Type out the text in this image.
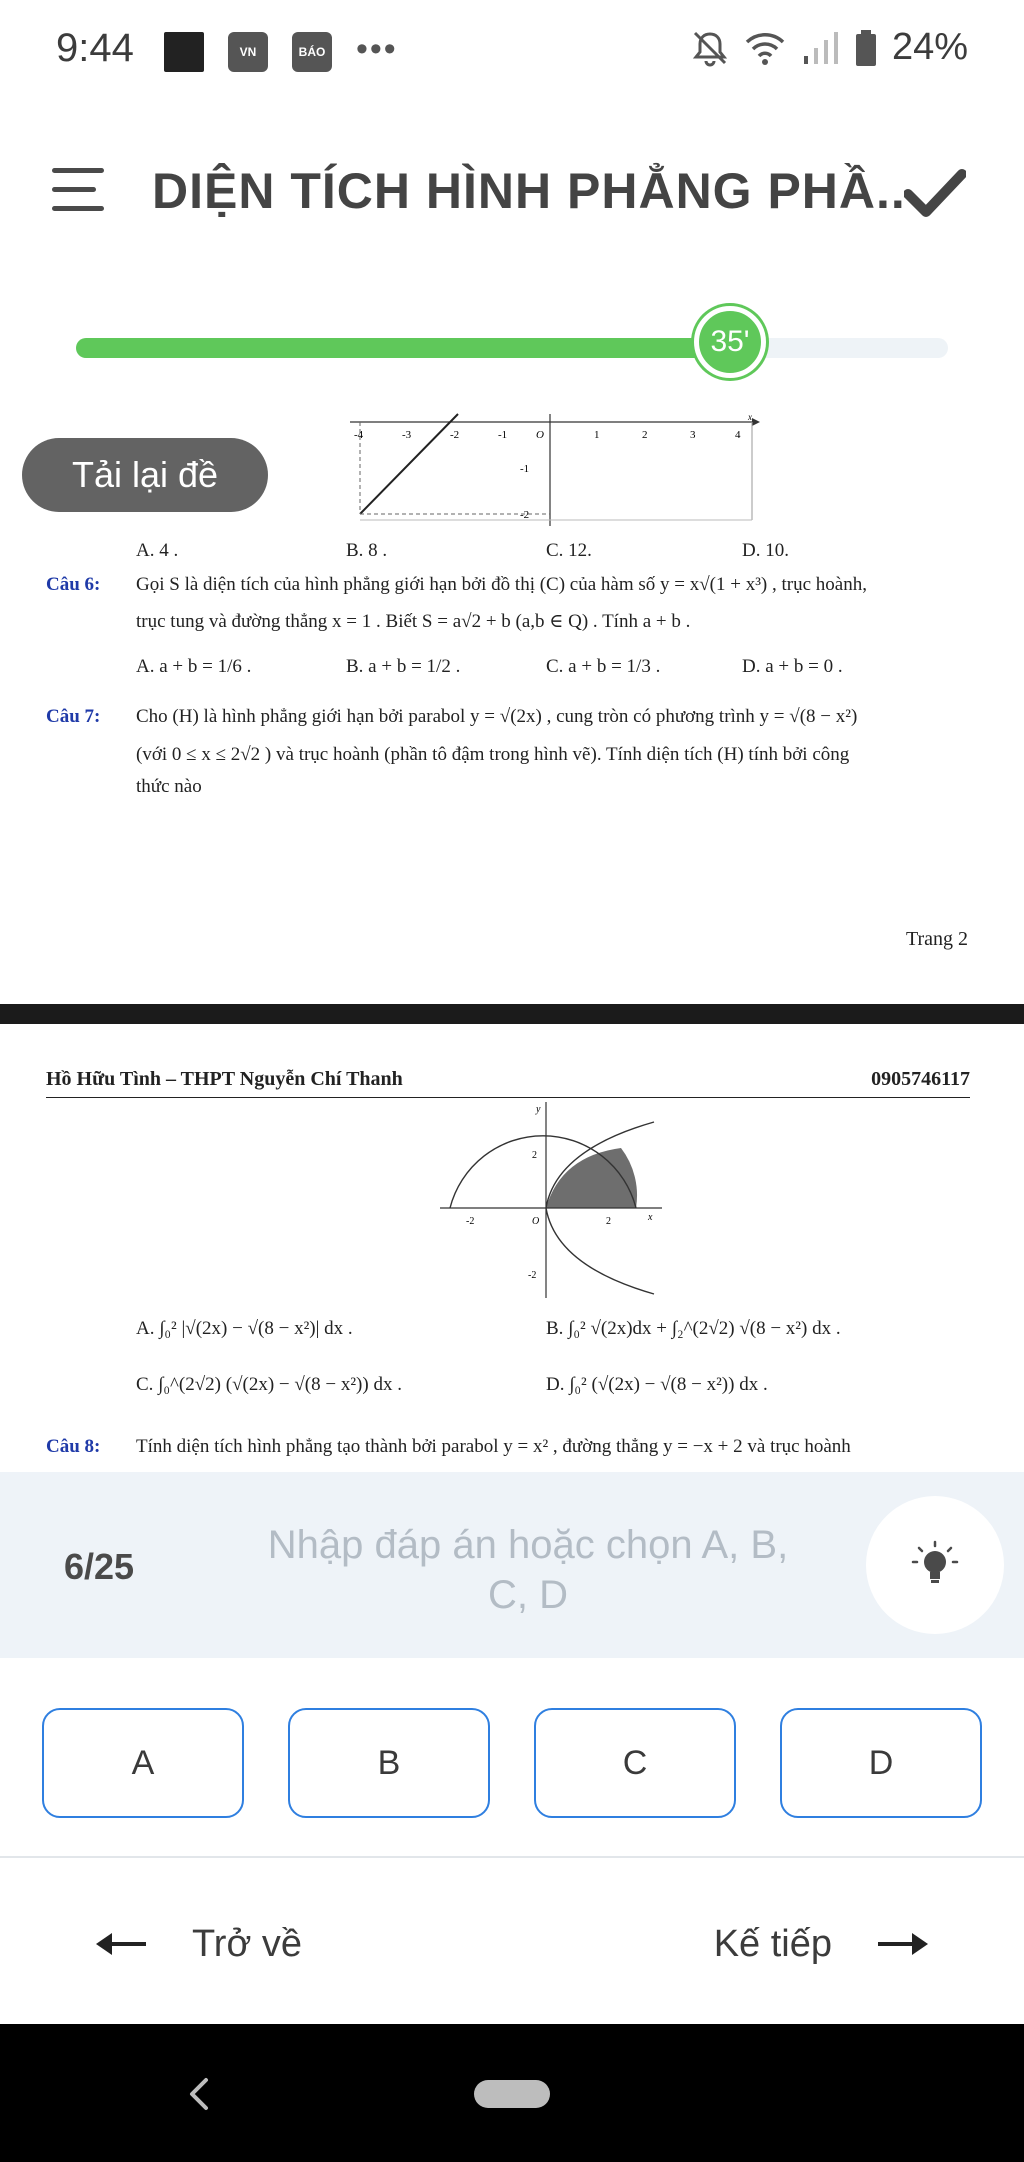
9:44	VN	BÁO •••	24%
DIỆN TÍCH HÌNH PHẲNG PHẦ..
35'
-4	-3	-2	-1	O	1	2	3	4
x
-1
-2
A. 4 .	B. 8 .	C. 12.	D. 10.
Câu 6: Gọi S là diện tích của hình phẳng giới hạn bởi đồ thị (C) của hàm số y = x√(1 + x³) , trục hoành,
trục tung và đường thẳng x = 1 . Biết S = a√2 + b (a,b ∈ Q) . Tính a + b .
A. a + b = 1/6 .	B. a + b = 1/2 .	C. a + b = 1/3 .	D. a + b = 0 .
Câu 7: Cho (H) là hình phẳng giới hạn bởi parabol y = √(2x) , cung tròn có phương trình y = √(8 − x²)
(với 0 ≤ x ≤ 2√2 ) và trục hoành (phần tô đậm trong hình vẽ). Tính diện tích (H) tính bởi công
thức nào
Trang 2
Hồ Hữu Tình – THPT Nguyễn Chí Thanh	0905746117
y
2
-2	O	2	x
-2
A. ∫₀² |√(2x) − √(8 − x²)| dx .	B. ∫₀² √(2x)dx + ∫₂^(2√2) √(8 − x²) dx .
C. ∫₀^(2√2) (√(2x) − √(8 − x²)) dx .	D. ∫₀² (√(2x) − √(8 − x²)) dx .
Câu 8: Tính diện tích hình phẳng tạo thành bởi parabol y = x² , đường thẳng y = −x + 2 và trục hoành
Tải lại đề
6/25	Nhập đáp án hoặc chọn A, B, C, D
A	B	C	D
Trở về	Kế tiếp
